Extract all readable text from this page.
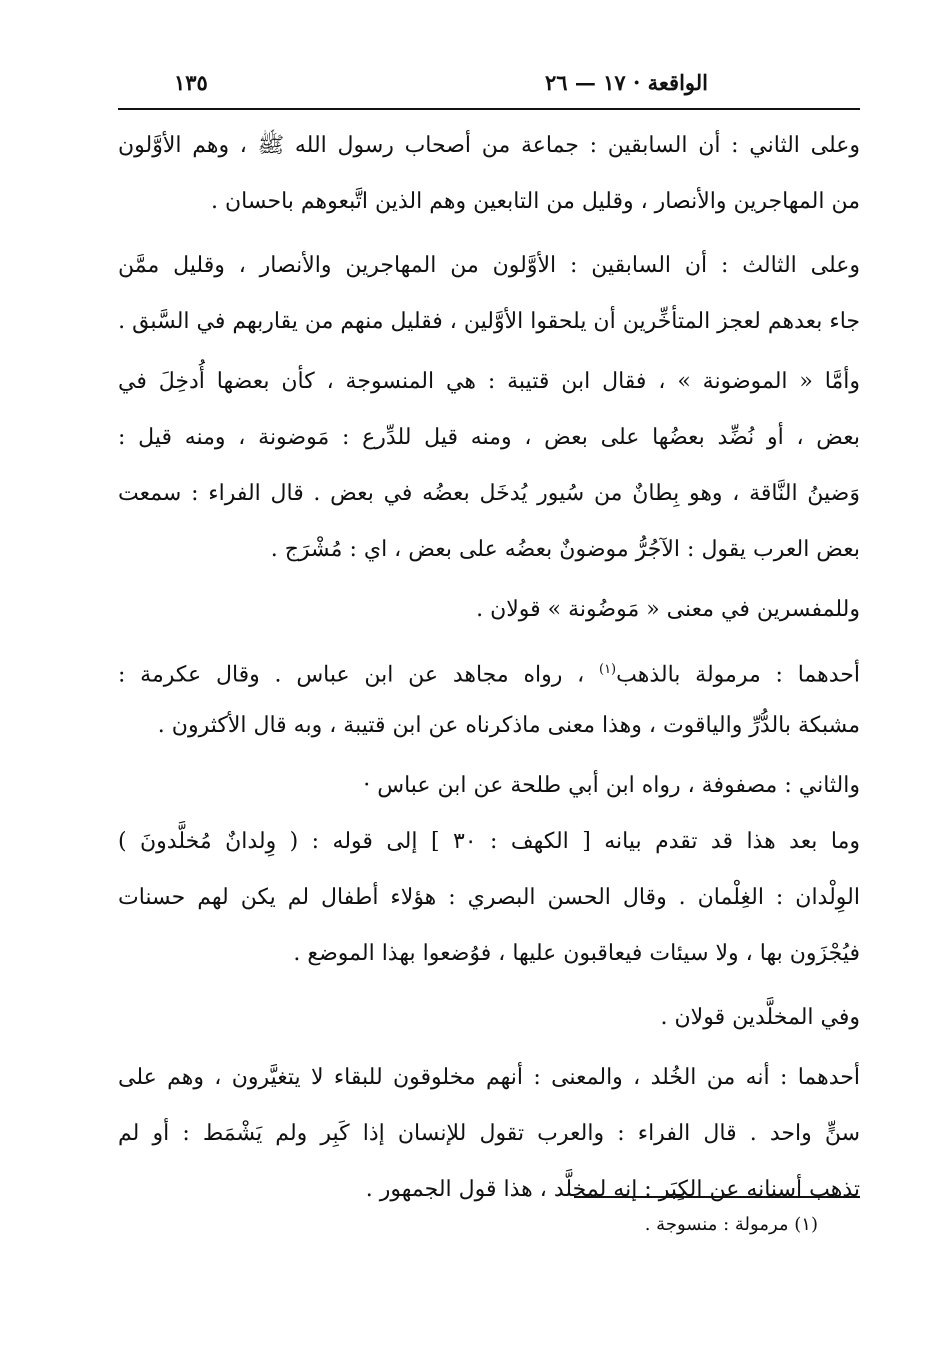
الواقعة · ١٧ — ٢٦
١٣٥
وعلى الثاني : أن السابقين : جماعة من أصحاب رسول الله ﷺ ، وهم الأوَّلون
من المهاجرين والأنصار ، وقليل من التابعين وهم الذين اتَّبعوهم باحسان .
وعلى الثالث : أن السابقين : الأوَّلون من المهاجرين والأنصار ، وقليل ممَّن
جاء بعدهم لعجز المتأخِّرين أن يلحقوا الأوَّلين ، فقليل منهم من يقاربهم في السَّبق .
وأمَّا « الموضونة » ، فقال ابن قتيبة : هي المنسوجة ، كأن بعضها أُدخِلَ في
بعض ، أو نُضِّد بعضُها على بعض ، ومنه قيل للدِّرع : مَوضونة ، ومنه قيل :
وَضينُ النَّاقة ، وهو بِطانٌ من سُيور يُدخَل بعضُه في بعض . قال الفراء : سمعت
بعض العرب يقول : الآجُرُّ موضونٌ بعضُه على بعض ، اي : مُشْرَج .
وللمفسرين في معنى « مَوضُونة » قولان .
أحدهما : مرمولة بالذهب$^{(١)}$ ، رواه مجاهد عن ابن عباس . وقال عكرمة :
مشبكة بالدُّرِّ والياقوت ، وهذا معنى ماذكرناه عن ابن قتيبة ، وبه قال الأكثرون .
والثاني : مصفوفة ، رواه ابن أبي طلحة عن ابن عباس ·
وما بعد هذا قد تقدم بيانه [ الكهف : ٣٠ ] إلى قوله : ( وِلدانٌ مُخلَّدونَ )
الوِلْدان : الغِلْمان . وقال الحسن البصري : هؤلاء أطفال لم يكن لهم حسنات
فيُجْزَون بها ، ولا سيئات فيعاقبون عليها ، فوُضعوا بهذا الموضع .
وفي المخلَّدين قولان .
أحدهما : أنه من الخُلد ، والمعنى : أنهم مخلوقون للبقاء لا يتغيَّرون ، وهم على
سنٍّ واحد . قال الفراء : والعرب تقول للإنسان إذا كَبِر ولم يَشْمَط : أو لم
تذهب أسنانه عن الكِبَر : إنه لمخلَّد ، هذا قول الجمهور .
(١) مرمولة : منسوجة .
